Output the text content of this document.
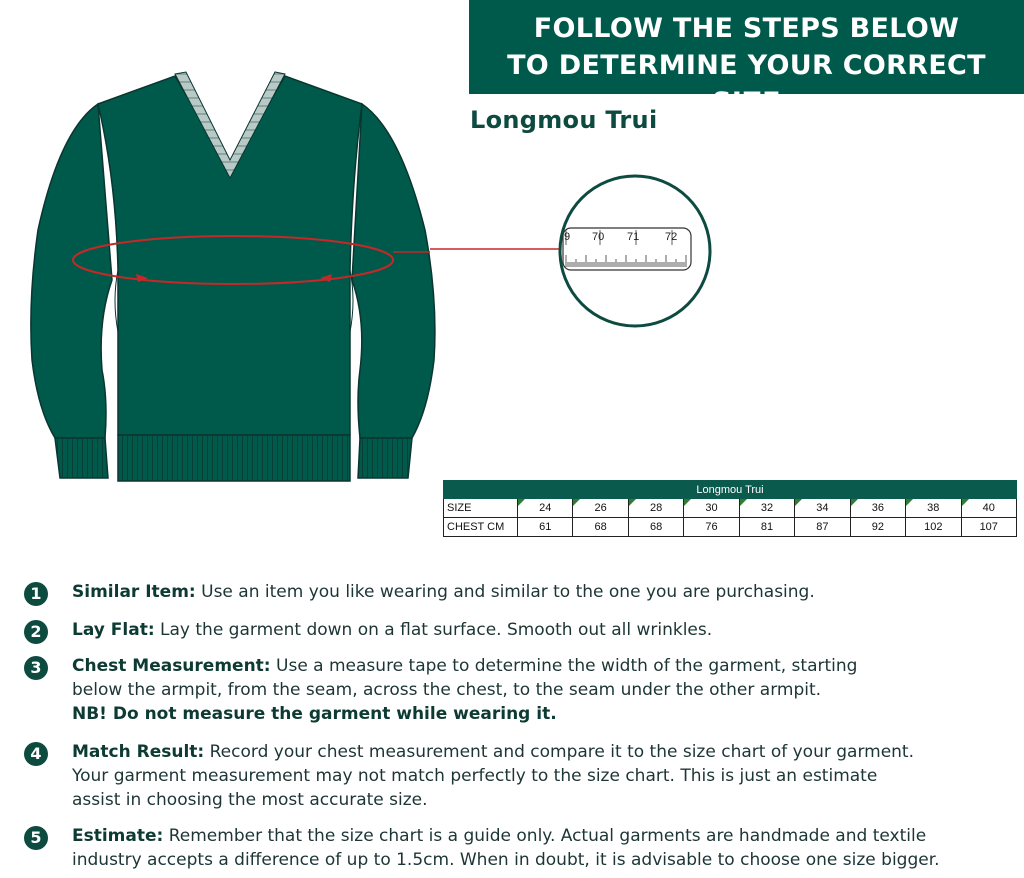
FOLLOW THE STEPS BELOW
TO DETERMINE YOUR CORRECT SIZE
Longmou Trui
9 70 71 72
Longmou Trui									
SIZE	24	26	28	30	32	34	36	38	40
CHEST CM	61	68	68	76	81	87	92	102	107
1	Similar Item: Use an item you like wearing and similar to the one you are purchasing.
2	Lay Flat: Lay the garment down on a flat surface. Smooth out all wrinkles.
3	Chest Measurement: Use a measure tape to determine the width of the garment, starting
below the armpit, from the seam, across the chest, to the seam under the other armpit.
NB! Do not measure the garment while wearing it.
4	Match Result: Record your chest measurement and compare it to the size chart of your garment.
Your garment measurement may not match perfectly to the size chart. This is just an estimate
assist in choosing the most accurate size.
5	Estimate: Remember that the size chart is a guide only. Actual garments are handmade and textile
industry accepts a difference of up to 1.5cm. When in doubt, it is advisable to choose one size bigger.
